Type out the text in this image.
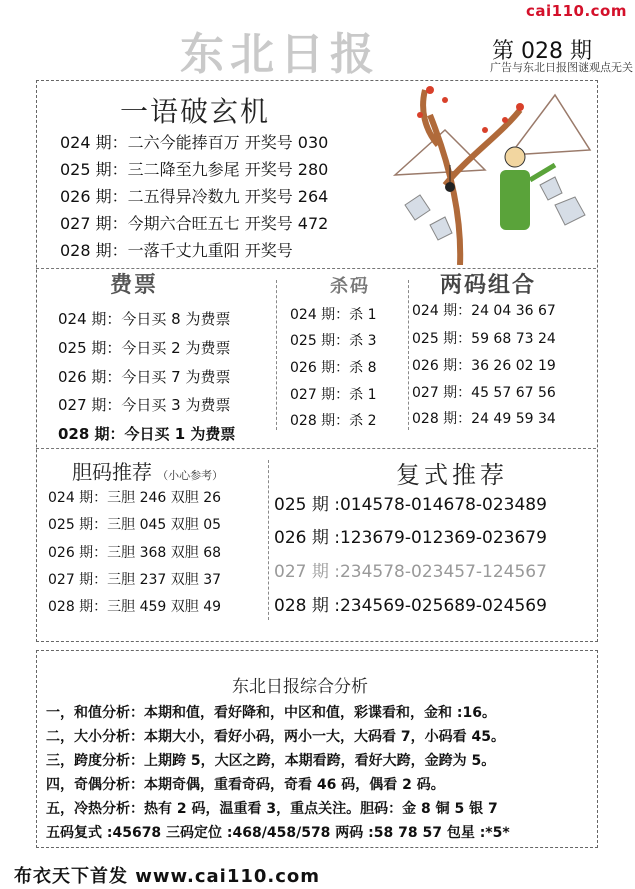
东北日报
cai110.com
第 028 期
广告与东北日报图谜观点无关
一语破玄机
024 期：二六今能捧百万 开奖号 030
025 期：三二降至九参尾 开奖号 280
026 期：二五得异冷数九 开奖号 264
027 期：今期六合旺五七 开奖号 472
028 期：一落千丈九重阳 开奖号
费票
024 期：今日买 8 为费票
025 期：今日买 2 为费票
026 期：今日买 7 为费票
027 期：今日买 3 为费票
028 期：今日买 1 为费票
杀码
024 期：杀 1
025 期：杀 3
026 期：杀 8
027 期：杀 1
028 期：杀 2
两码组合
024 期：24 04 36 67
025 期：59 68 73 24
026 期：36 26 02 19
027 期：45 57 67 56
028 期：24 49 59 34
胆码推荐 （小心参考）
024 期：三胆 246 双胆 26
025 期：三胆 045 双胆 05
026 期：三胆 368 双胆 68
027 期：三胆 237 双胆 37
028 期：三胆 459 双胆 49
复式推荐
025 期 :014578-014678-023489
026 期 :123679-012369-023679
027 期 :234578-023457-124567
028 期 :234569-025689-024569
东北日报综合分析
一，和值分析：本期和值，看好降和，中区和值，彩谍看和，金和 :16。
二，大小分析：本期大小，看好小码，两小一大，大码看 7，小码看 45。
三，跨度分析：上期跨 5，大区之跨，本期看跨，看好大跨，金跨为 5。
四，奇偶分析：本期奇偶，重看奇码，奇看 46 码，偶看 2 码。
五，冷热分析：热有 2 码，温重看 3，重点关注。胆码：金 8 铜 5 银 7
五码复式 :45678 三码定位 :468/458/578 两码 :58 78 57 包星 :*5*
布衣天下首发 www.cai110.com
